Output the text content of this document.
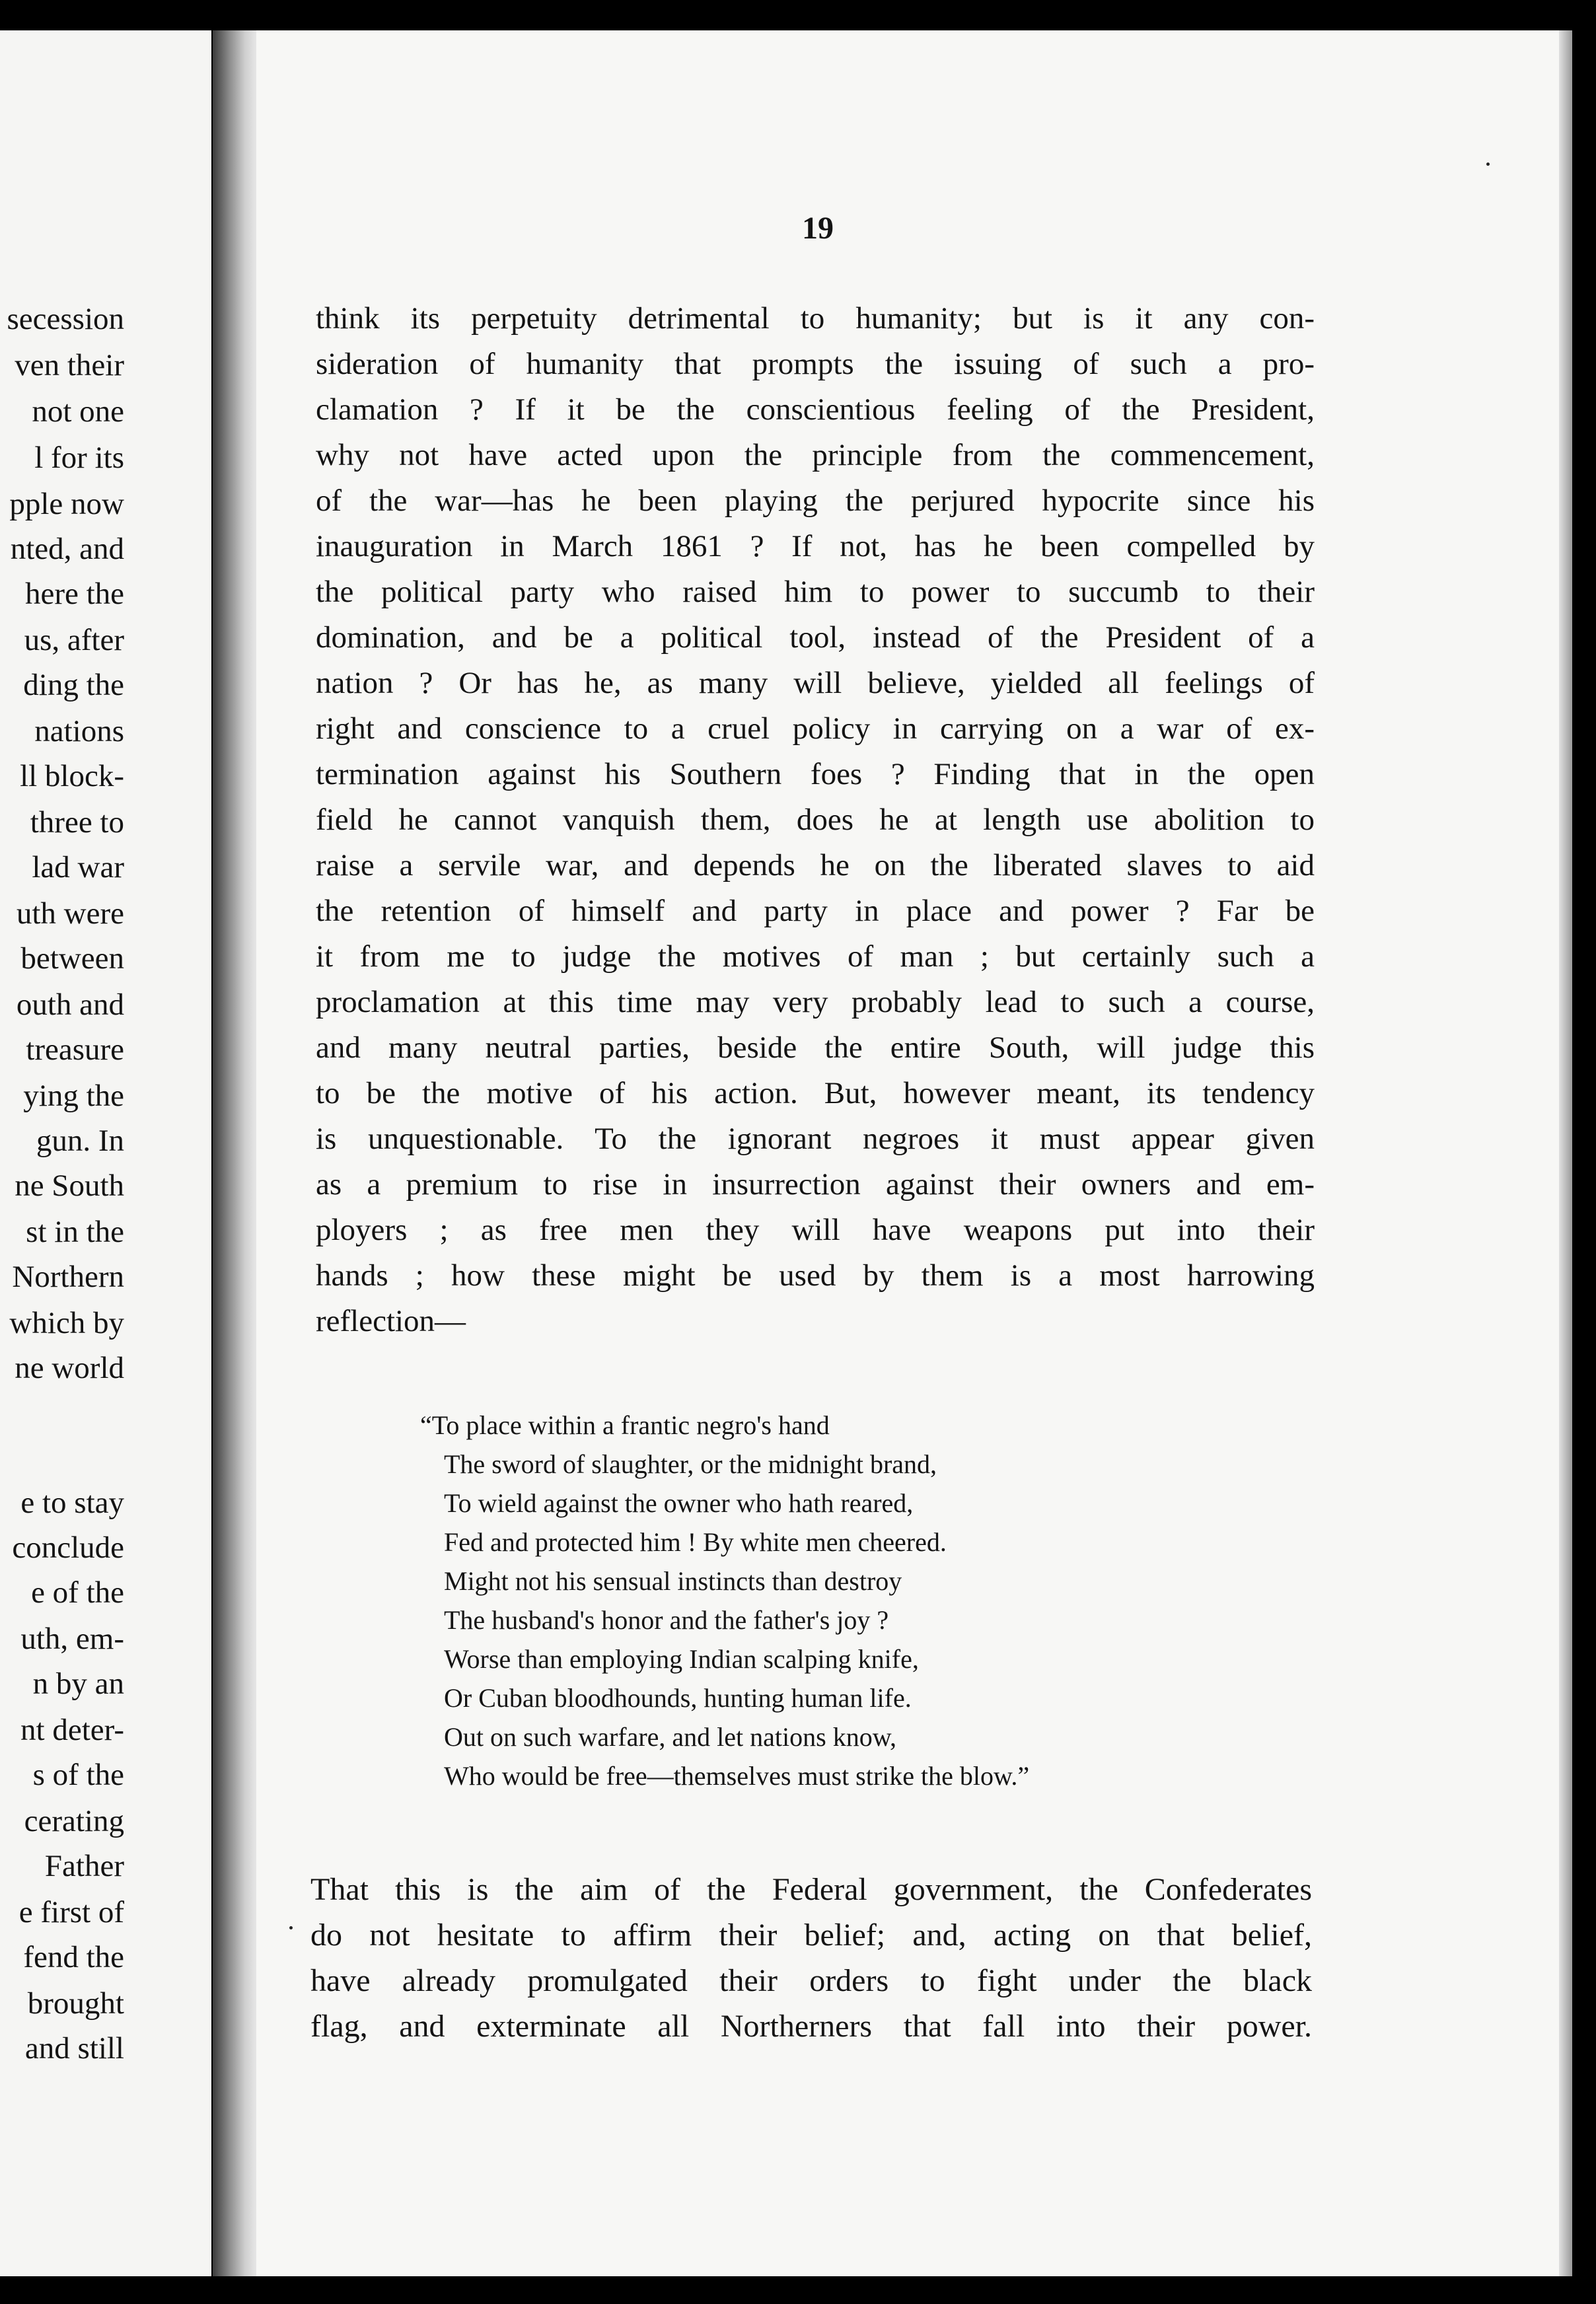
secession
ven their
not one
l for its
pple now
nted, and
here the
us, after
ding the
nations
ll block-
three to
lad war
uth were
between
outh and
treasure
ying the
gun. In
ne South
st in the
Northern
which by
ne world
e to stay
conclude
e of the
uth, em-
n by an
nt deter-
s of the
cerating
Father
e first of
fend the
brought
and still
19
think its perpetuity detrimental to humanity; but is it any con-
sideration of humanity that prompts the issuing of such a pro-
clamation ? If it be the conscientious feeling of the President,
why not have acted upon the principle from the commencement,
of the war—has he been playing the perjured hypocrite since his
inauguration in March 1861 ? If not, has he been compelled by
the political party who raised him to power to succumb to their
domination, and be a political tool, instead of the President of a
nation ? Or has he, as many will believe, yielded all feelings of
right and conscience to a cruel policy in carrying on a war of ex-
termination against his Southern foes ? Finding that in the open
field he cannot vanquish them, does he at length use abolition to
raise a servile war, and depends he on the liberated slaves to aid
the retention of himself and party in place and power ? Far be
it from me to judge the motives of man ; but certainly such a
proclamation at this time may very probably lead to such a course,
and many neutral parties, beside the entire South, will judge this
to be the motive of his action. But, however meant, its tendency
is unquestionable. To the ignorant negroes it must appear given
as a premium to rise in insurrection against their owners and em-
ployers ; as free men they will have weapons put into their
hands ; how these might be used by them is a most harrowing
reflection—
“To place within a frantic negro's hand
The sword of slaughter, or the midnight brand,
To wield against the owner who hath reared,
Fed and protected him ! By white men cheered.
Might not his sensual instincts than destroy
The husband's honor and the father's joy ?
Worse than employing Indian scalping knife,
Or Cuban bloodhounds, hunting human life.
Out on such warfare, and let nations know,
Who would be free—themselves must strike the blow.”
That this is the aim of the Federal government, the Confederates
do not hesitate to affirm their belief; and, acting on that belief,
have already promulgated their orders to fight under the black
flag, and exterminate all Northerners that fall into their power.
